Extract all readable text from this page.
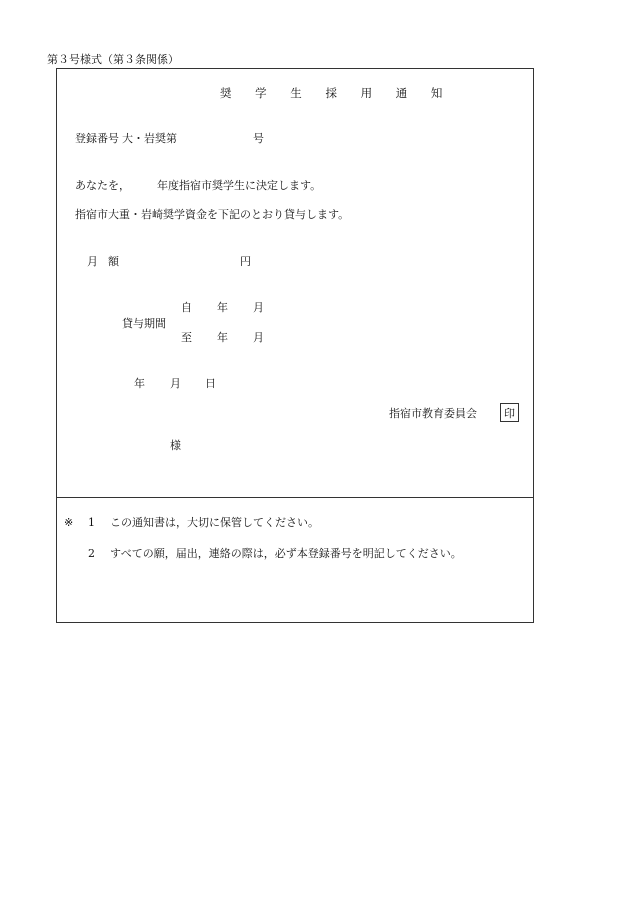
第３号様式（第３条関係）
奨 学 生 採 用 通 知
登録番号 大・岩奨第	号
あなたを， 年度指宿市奨学生に決定します。
指宿市大重・岩崎奨学資金を下記のとおり貸与します。
月 額	円
貸与期間
自 年 月
至 年 月
年 月 日
指宿市教育委員会 印
様
※ 1 この通知書は，大切に保管してください。
2 すべての願，届出，連絡の際は，必ず本登録番号を明記してください。
